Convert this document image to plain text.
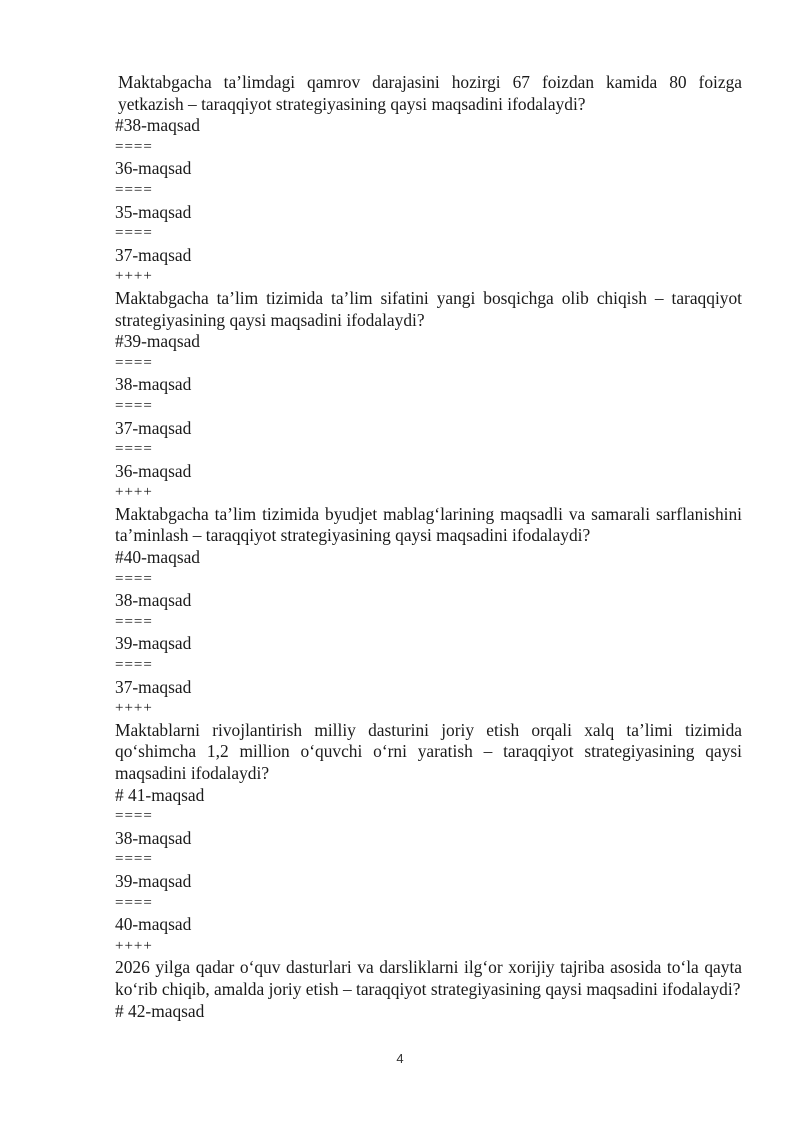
Maktabgacha ta’limdagi qamrov darajasini hozirgi 67 foizdan kamida 80 foizga yetkazish – taraqqiyot strategiyasining qaysi maqsadini ifodalaydi?

#38-maqsad

====

36-maqsad

====

35-maqsad

====

37-maqsad

++++

Maktabgacha ta’lim tizimida ta’lim sifatini yangi bosqichga olib chiqish – taraqqiyot strategiyasining qaysi maqsadini ifodalaydi?

#39-maqsad

====

38-maqsad

====

37-maqsad

====

36-maqsad

++++

Maktabgacha ta’lim tizimida byudjet mablag‘larining maqsadli va samarali sarflanishini ta’minlash – taraqqiyot strategiyasining qaysi maqsadini ifodalaydi?

#40-maqsad

====

38-maqsad

====

39-maqsad

====

37-maqsad

++++

Maktablarni rivojlantirish milliy dasturini joriy etish orqali xalq ta’limi tizimida qo‘shimcha 1,2 million o‘quvchi o‘rni yaratish – taraqqiyot strategiyasining qaysi maqsadini ifodalaydi?

# 41-maqsad

====

38-maqsad

====

39-maqsad

====

40-maqsad

++++

2026 yilga qadar o‘quv dasturlari va darsliklarni ilg‘or xorijiy tajriba asosida to‘la qayta ko‘rib chiqib, amalda joriy etish – taraqqiyot strategiyasining qaysi maqsadini ifodalaydi?

# 42-maqsad

4
